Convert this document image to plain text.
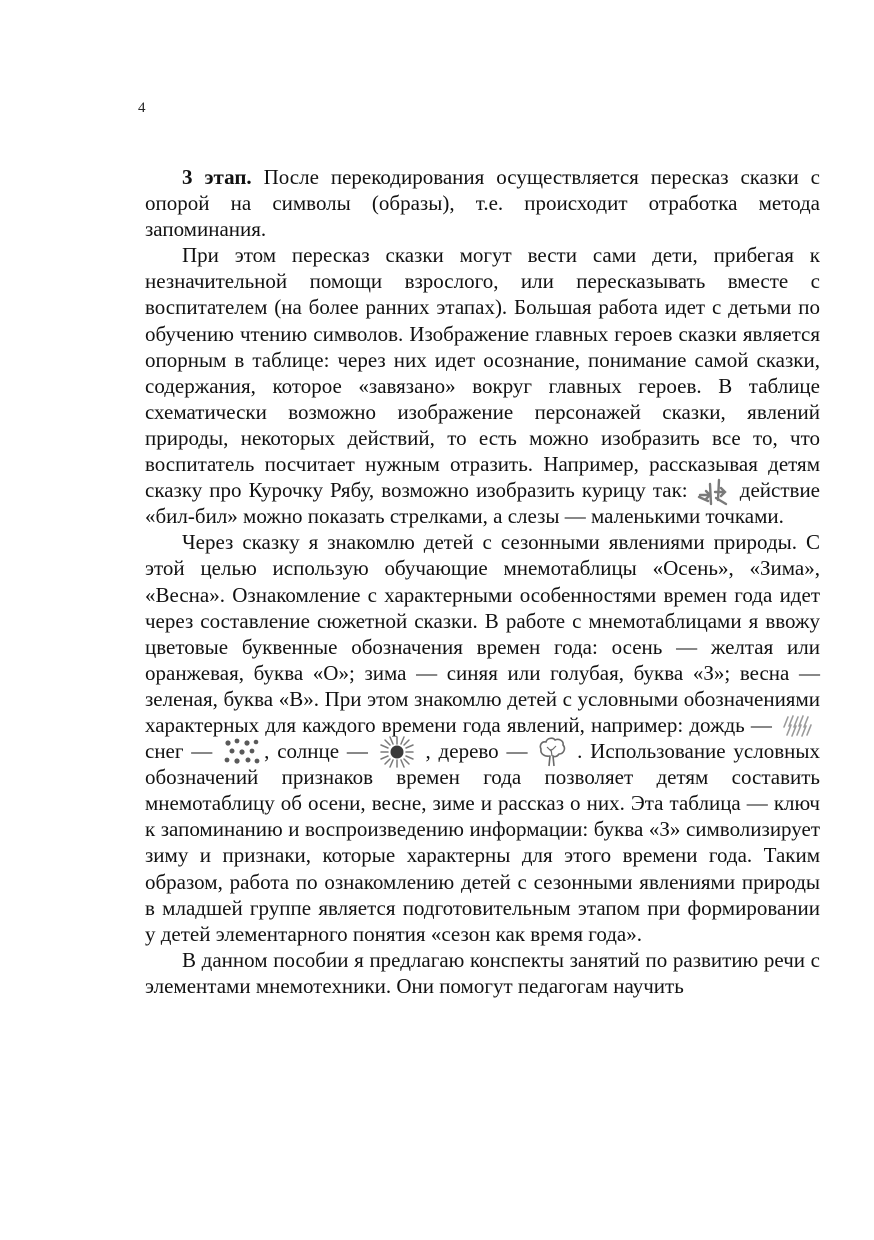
4

3 этап. После перекодирования осуществляется пересказ сказки с опорой на символы (образы), т.е. происходит отработка метода запоминания.

При этом пересказ сказки могут вести сами дети, прибегая к незначительной помощи взрослого, или пересказывать вместе с воспитателем (на более ранних этапах). Большая работа идет с детьми по обучению чтению символов. Изображение главных героев сказки является опорным в таблице: через них идет осознание, понимание самой сказки, содержания, которое «завязано» вокруг главных героев. В таблице схематически возможно изображение персонажей сказки, явлений природы, некоторых действий, то есть можно изобразить все то, что воспитатель посчитает нужным отразить. Например, рассказывая детям сказку про Курочку Рябу, возможно изобразить курицу так:
действие «бил-бил» можно показать стрелками, а слезы — маленькими точками.

Через сказку я знакомлю детей с сезонными явлениями природы. С этой целью использую обучающие мнемотаблицы «Осень», «Зима», «Весна». Ознакомление с характерными особенностями времен года идет через составление сюжетной сказки. В работе с мнемотаблицами я ввожу цветовые буквенные обозначения времен года: осень — желтая или оранжевая, буква «О»; зима — синяя или голубая, буква «З»; весна — зеленая, буква «В». При этом знакомлю детей с условными обозначениями характерных для каждого времени года явлений, например: дождь —
снег —
, солнце —
, дерево —
. Использование условных обозначений признаков времен года позволяет детям составить мнемотаблицу об осени, весне, зиме и рассказ о них. Эта таблица — ключ к запоминанию и воспроизведению информации: буква «З» символизирует зиму и признаки, которые характерны для этого времени года. Таким образом, работа по ознакомлению детей с сезонными явлениями природы в младшей группе является подготовительным этапом при формировании у детей элементарного понятия «сезон как время года».

В данном пособии я предлагаю конспекты занятий по развитию речи с элементами мнемотехники. Они помогут педагогам научить
